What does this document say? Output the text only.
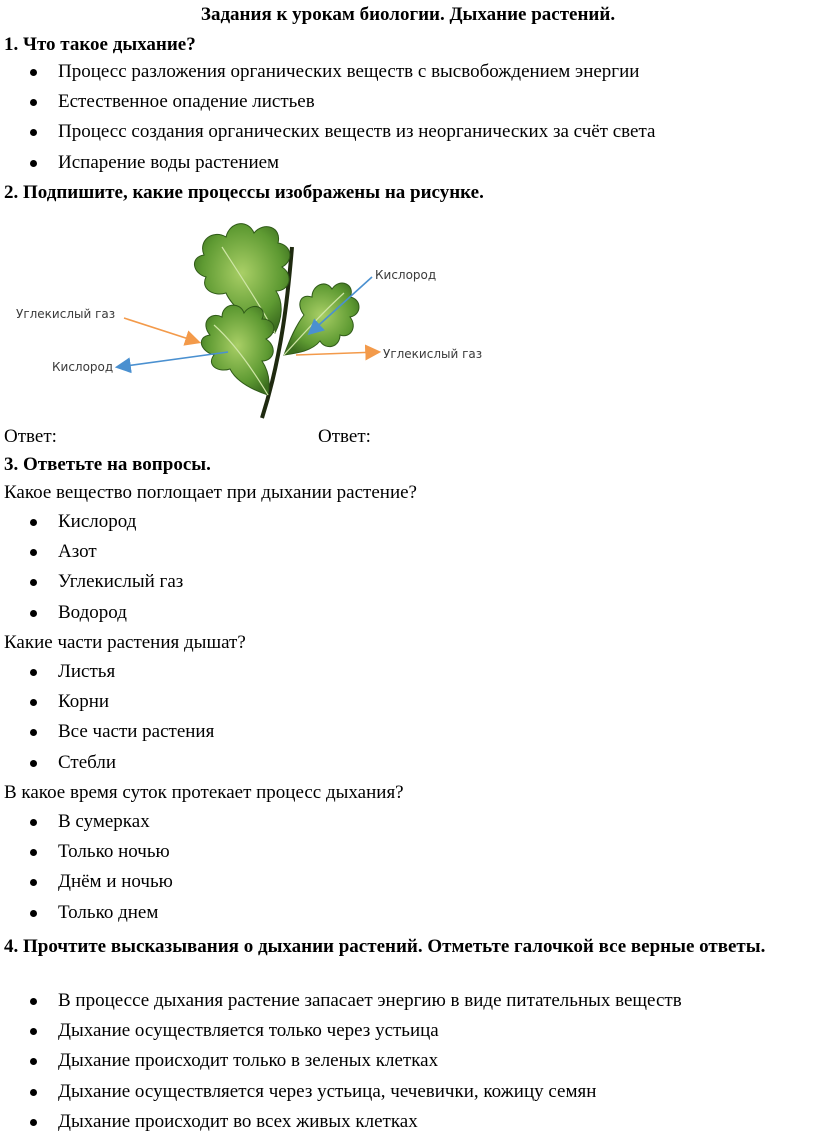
Задания к урокам биологии. Дыхание растений.
1. Что такое дыхание?
Процесс разложения органических веществ с высвобождением энергии
Естественное опадение листьев
Процесс создания органических веществ из неорганических за счёт света
Испарение воды растением
2. Подпишите, какие процессы изображены на рисунке.
Кислород
Углекислый газ
Кислород
Углекислый газ
Ответ:	Ответ:
3. Ответьте на вопросы.
Какое вещество поглощает при дыхании растение?
Кислород
Азот
Углекислый газ
Водород
Какие части растения дышат?
Листья
Корни
Все части растения
Стебли
В какое время суток протекает процесс дыхания?
В сумерках
Только ночью
Днём и ночью
Только днем
4. Прочтите высказывания о дыхании растений. Отметьте галочкой все верные ответы.
В процессе дыхания растение запасает энергию в виде питательных веществ
Дыхание осуществляется только через устьица
Дыхание происходит только в зеленых клетках
Дыхание осуществляется через устьица, чечевички, кожицу семян
Дыхание происходит во всех живых клетках
